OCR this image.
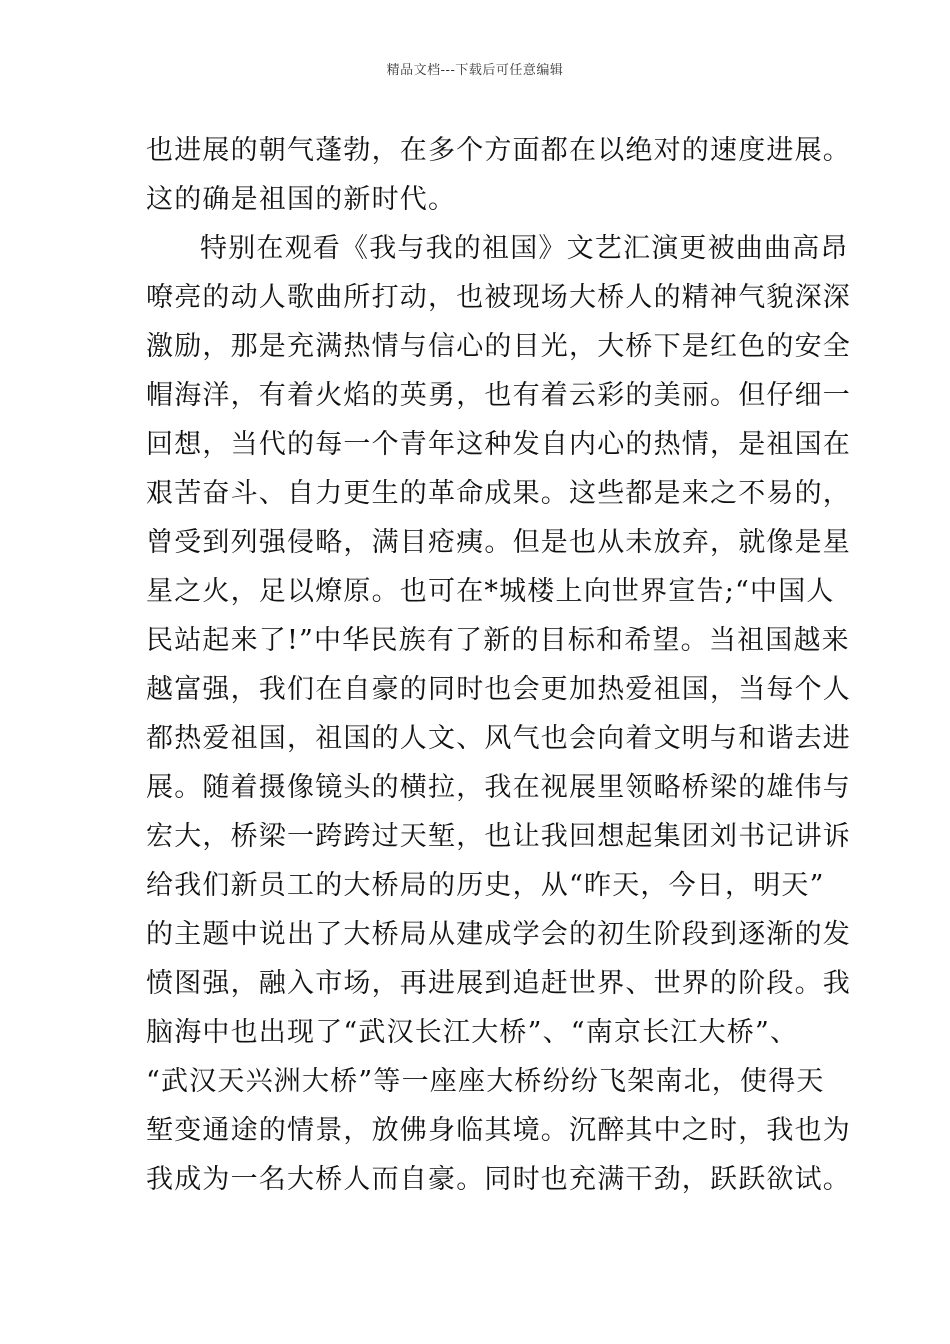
精品文档---下载后可任意编辑
也进展的朝气蓬勃，在多个方面都在以绝对的速度进展。
这的确是祖国的新时代。
特别在观看《我与我的祖国》文艺汇演更被曲曲高昂
嘹亮的动人歌曲所打动，也被现场大桥人的精神气貌深深
激励，那是充满热情与信心的目光，大桥下是红色的安全
帽海洋，有着火焰的英勇，也有着云彩的美丽。但仔细一
回想，当代的每一个青年这种发自内心的热情，是祖国在
艰苦奋斗、自力更生的革命成果。这些都是来之不易的，
曾受到列强侵略，满目疮痍。但是也从未放弃，就像是星
星之火，足以燎原。也可在*城楼上向世界宣告;“中国人
民站起来了!”中华民族有了新的目标和希望。当祖国越来
越富强，我们在自豪的同时也会更加热爱祖国，当每个人
都热爱祖国，祖国的人文、风气也会向着文明与和谐去进
展。随着摄像镜头的横拉，我在视展里领略桥梁的雄伟与
宏大，桥梁一跨跨过天堑，也让我回想起集团刘书记讲诉
给我们新员工的大桥局的历史，从“昨天，今日，明天”
的主题中说出了大桥局从建成学会的初生阶段到逐渐的发
愤图强，融入市场，再进展到追赶世界、世界的阶段。我
脑海中也出现了“武汉长江大桥”、“南京长江大桥”、
“武汉天兴洲大桥”等一座座大桥纷纷飞架南北，使得天
堑变通途的情景，放佛身临其境。沉醉其中之时，我也为
我成为一名大桥人而自豪。同时也充满干劲，跃跃欲试。
